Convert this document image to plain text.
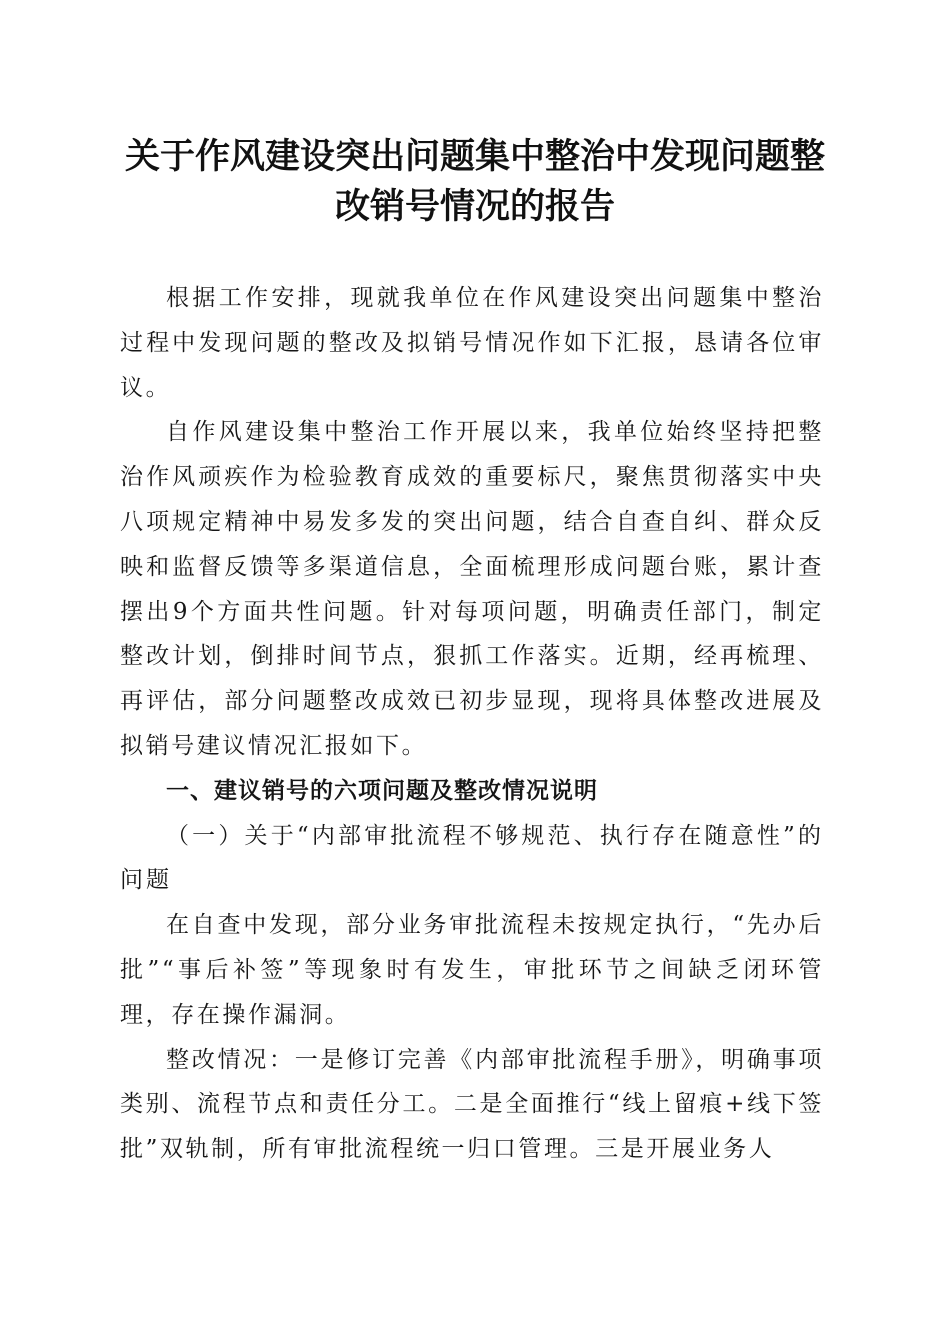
关于作风建设突出问题集中整治中发现问题整
改销号情况的报告

根据工作安排，现就我单位在作风建设突出问题集中整治过程中发现问题的整改及拟销号情况作如下汇报，恳请各位审议。

自作风建设集中整治工作开展以来，我单位始终坚持把整治作风顽疾作为检验教育成效的重要标尺，聚焦贯彻落实中央八项规定精神中易发多发的突出问题，结合自查自纠、群众反映和监督反馈等多渠道信息，全面梳理形成问题台账，累计查摆出9个方面共性问题。针对每项问题，明确责任部门，制定整改计划，倒排时间节点，狠抓工作落实。近期，经再梳理、再评估，部分问题整改成效已初步显现，现将具体整改进展及拟销号建议情况汇报如下。

一、建议销号的六项问题及整改情况说明

（一）关于“内部审批流程不够规范、执行存在随意性”的问题

在自查中发现，部分业务审批流程未按规定执行，“先办后批”“事后补签”等现象时有发生，审批环节之间缺乏闭环管理，存在操作漏洞。

整改情况：一是修订完善《内部审批流程手册》，明确事项类别、流程节点和责任分工。二是全面推行“线上留痕+线下签批”双轨制，所有审批流程统一归口管理。三是开展业务人
